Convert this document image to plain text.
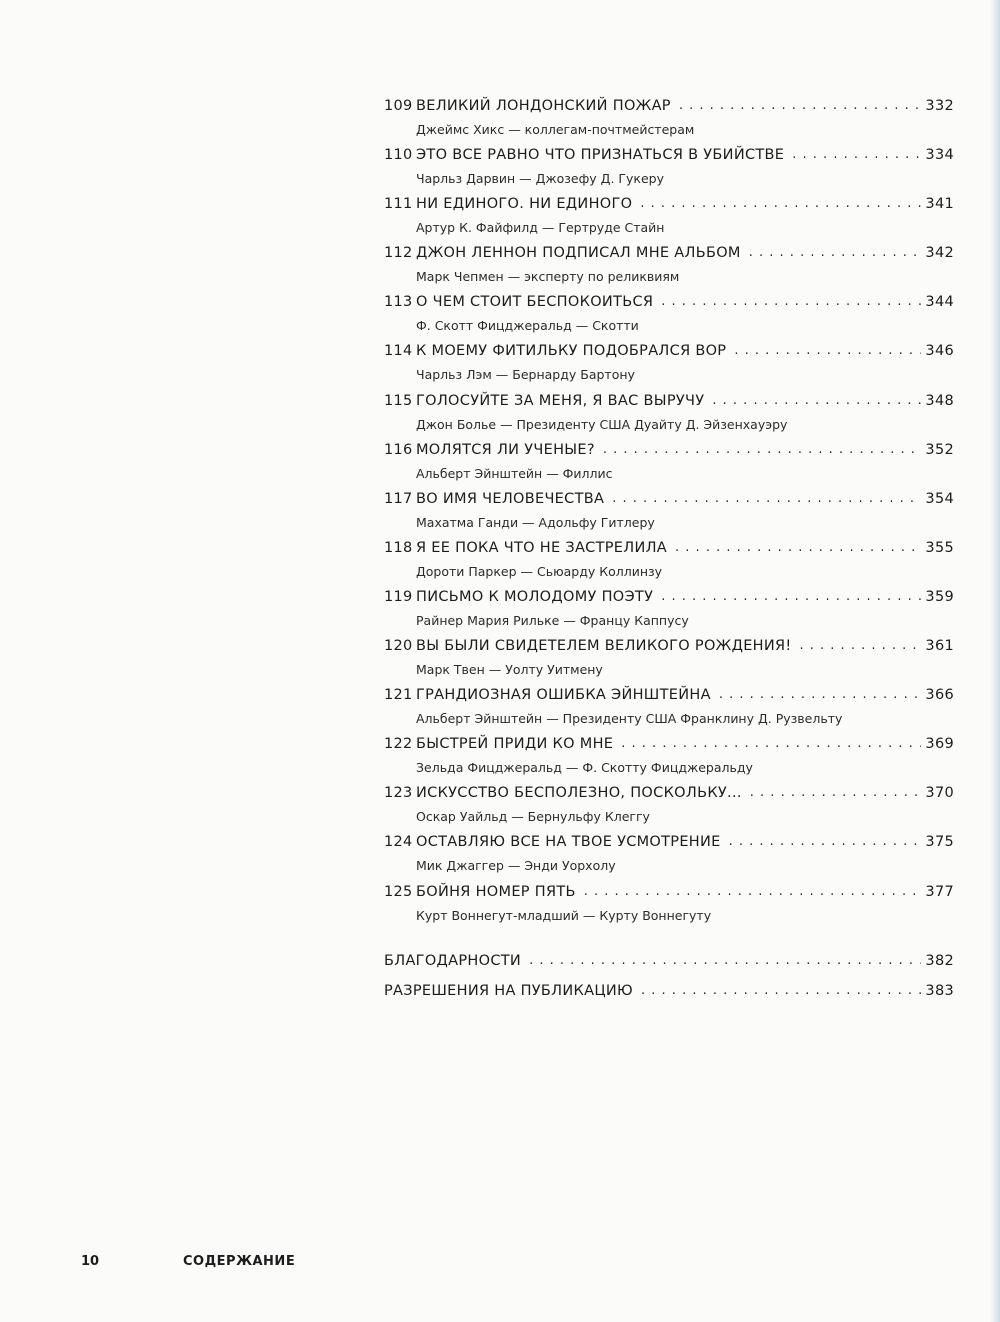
109 ВЕЛИКИЙ ЛОНДОНСКИЙ ПОЖАР . . .	332
Джеймс Хикс — коллегам-почтмейстерам
110 ЭТО ВСЕ РАВНО ЧТО ПРИЗНАТЬСЯ В УБИЙСТВЕ . . .	334
Чарльз Дарвин — Джозефу Д. Гукеру
111 НИ ЕДИНОГО. НИ ЕДИНОГО . . .	341
Артур К. Файфилд — Гертруде Стайн
112 ДЖОН ЛЕННОН ПОДПИСАЛ МНЕ АЛЬБОМ . . .	342
Марк Чепмен — эксперту по реликвиям
113 О ЧЕМ СТОИТ БЕСПОКОИТЬСЯ . . .	344
Ф. Скотт Фицджеральд — Скотти
114 К МОЕМУ ФИТИЛЬКУ ПОДОБРАЛСЯ ВОР . . .	346
Чарльз Лэм — Бернарду Бартону
115 ГОЛОСУЙТЕ ЗА МЕНЯ, Я ВАС ВЫРУЧУ . . .	348
Джон Болье — Президенту США Дуайту Д. Эйзенхауэру
116 МОЛЯТСЯ ЛИ УЧЕНЫЕ? . . .	352
Альберт Эйнштейн — Филлис
117 ВО ИМЯ ЧЕЛОВЕЧЕСТВА . . .	354
Махатма Ганди — Адольфу Гитлеру
118 Я ЕЕ ПОКА ЧТО НЕ ЗАСТРЕЛИЛА . . .	355
Дороти Паркер — Сьюарду Коллинзу
119 ПИСЬМО К МОЛОДОМУ ПОЭТУ . . .	359
Райнер Мария Рильке — Францу Каппусу
120 ВЫ БЫЛИ СВИДЕТЕЛЕМ ВЕЛИКОГО РОЖДЕНИЯ! . . .	361
Марк Твен — Уолту Уитмену
121 ГРАНДИОЗНАЯ ОШИБКА ЭЙНШТЕЙНА . . .	366
Альберт Эйнштейн — Президенту США Франклину Д. Рузвельту
122 БЫСТРЕЙ ПРИДИ КО МНЕ . . .	369
Зельда Фицджеральд — Ф. Скотту Фицджеральду
123 ИСКУССТВО БЕСПОЛЕЗНО, ПОСКОЛЬКУ... . . .	370
Оскар Уайльд — Бернульфу Клеггу
124 ОСТАВЛЯЮ ВСЕ НА ТВОЕ УСМОТРЕНИЕ . . .	375
Мик Джаггер — Энди Уорхолу
125 БОЙНЯ НОМЕР ПЯТЬ . . .	377
Курт Воннегут-младший — Курту Воннегуту
БЛАГОДАРНОСТИ . . .	382
РАЗРЕШЕНИЯ НА ПУБЛИКАЦИЮ . . .	383
10	СОДЕРЖАНИЕ
